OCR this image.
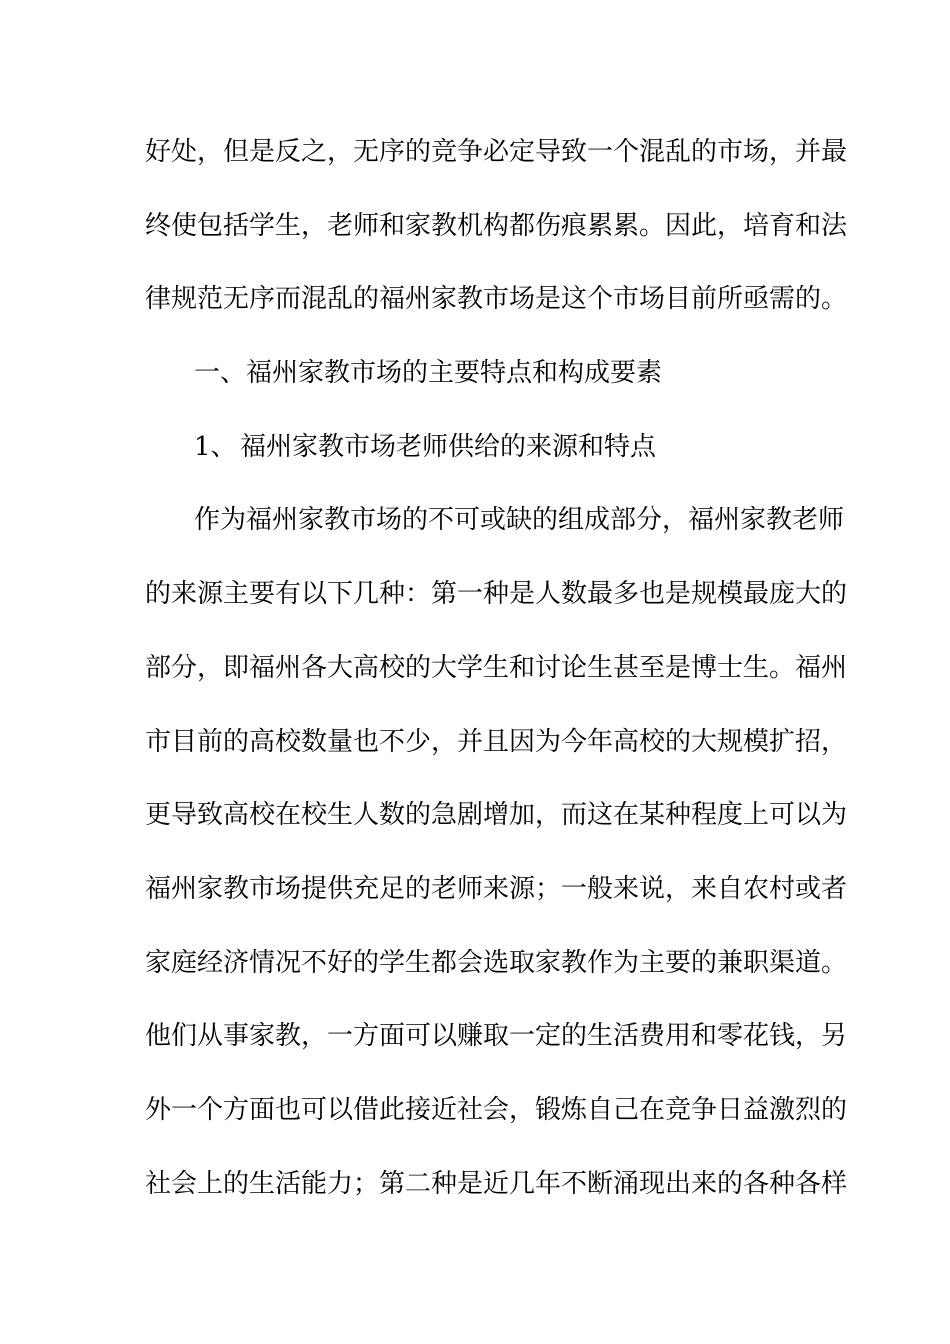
好处，但是反之，无序的竞争必定导致一个混乱的市场，并最
终使包括学生，老师和家教机构都伤痕累累。因此，培育和法
律规范无序而混乱的福州家教市场是这个市场目前所亟需的。
一、福州家教市场的主要特点和构成要素
1、 福州家教市场老师供给的来源和特点
作为福州家教市场的不可或缺的组成部分，福州家教老师
的来源主要有以下几种：第一种是人数最多也是规模最庞大的
部分，即福州各大高校的大学生和讨论生甚至是博士生。福州
市目前的高校数量也不少，并且因为今年高校的大规模扩招，
更导致高校在校生人数的急剧增加，而这在某种程度上可以为
福州家教市场提供充足的老师来源；一般来说，来自农村或者
家庭经济情况不好的学生都会选取家教作为主要的兼职渠道。
他们从事家教，一方面可以赚取一定的生活费用和零花钱，另
外一个方面也可以借此接近社会，锻炼自己在竞争日益激烈的
社会上的生活能力；第二种是近几年不断涌现出来的各种各样
